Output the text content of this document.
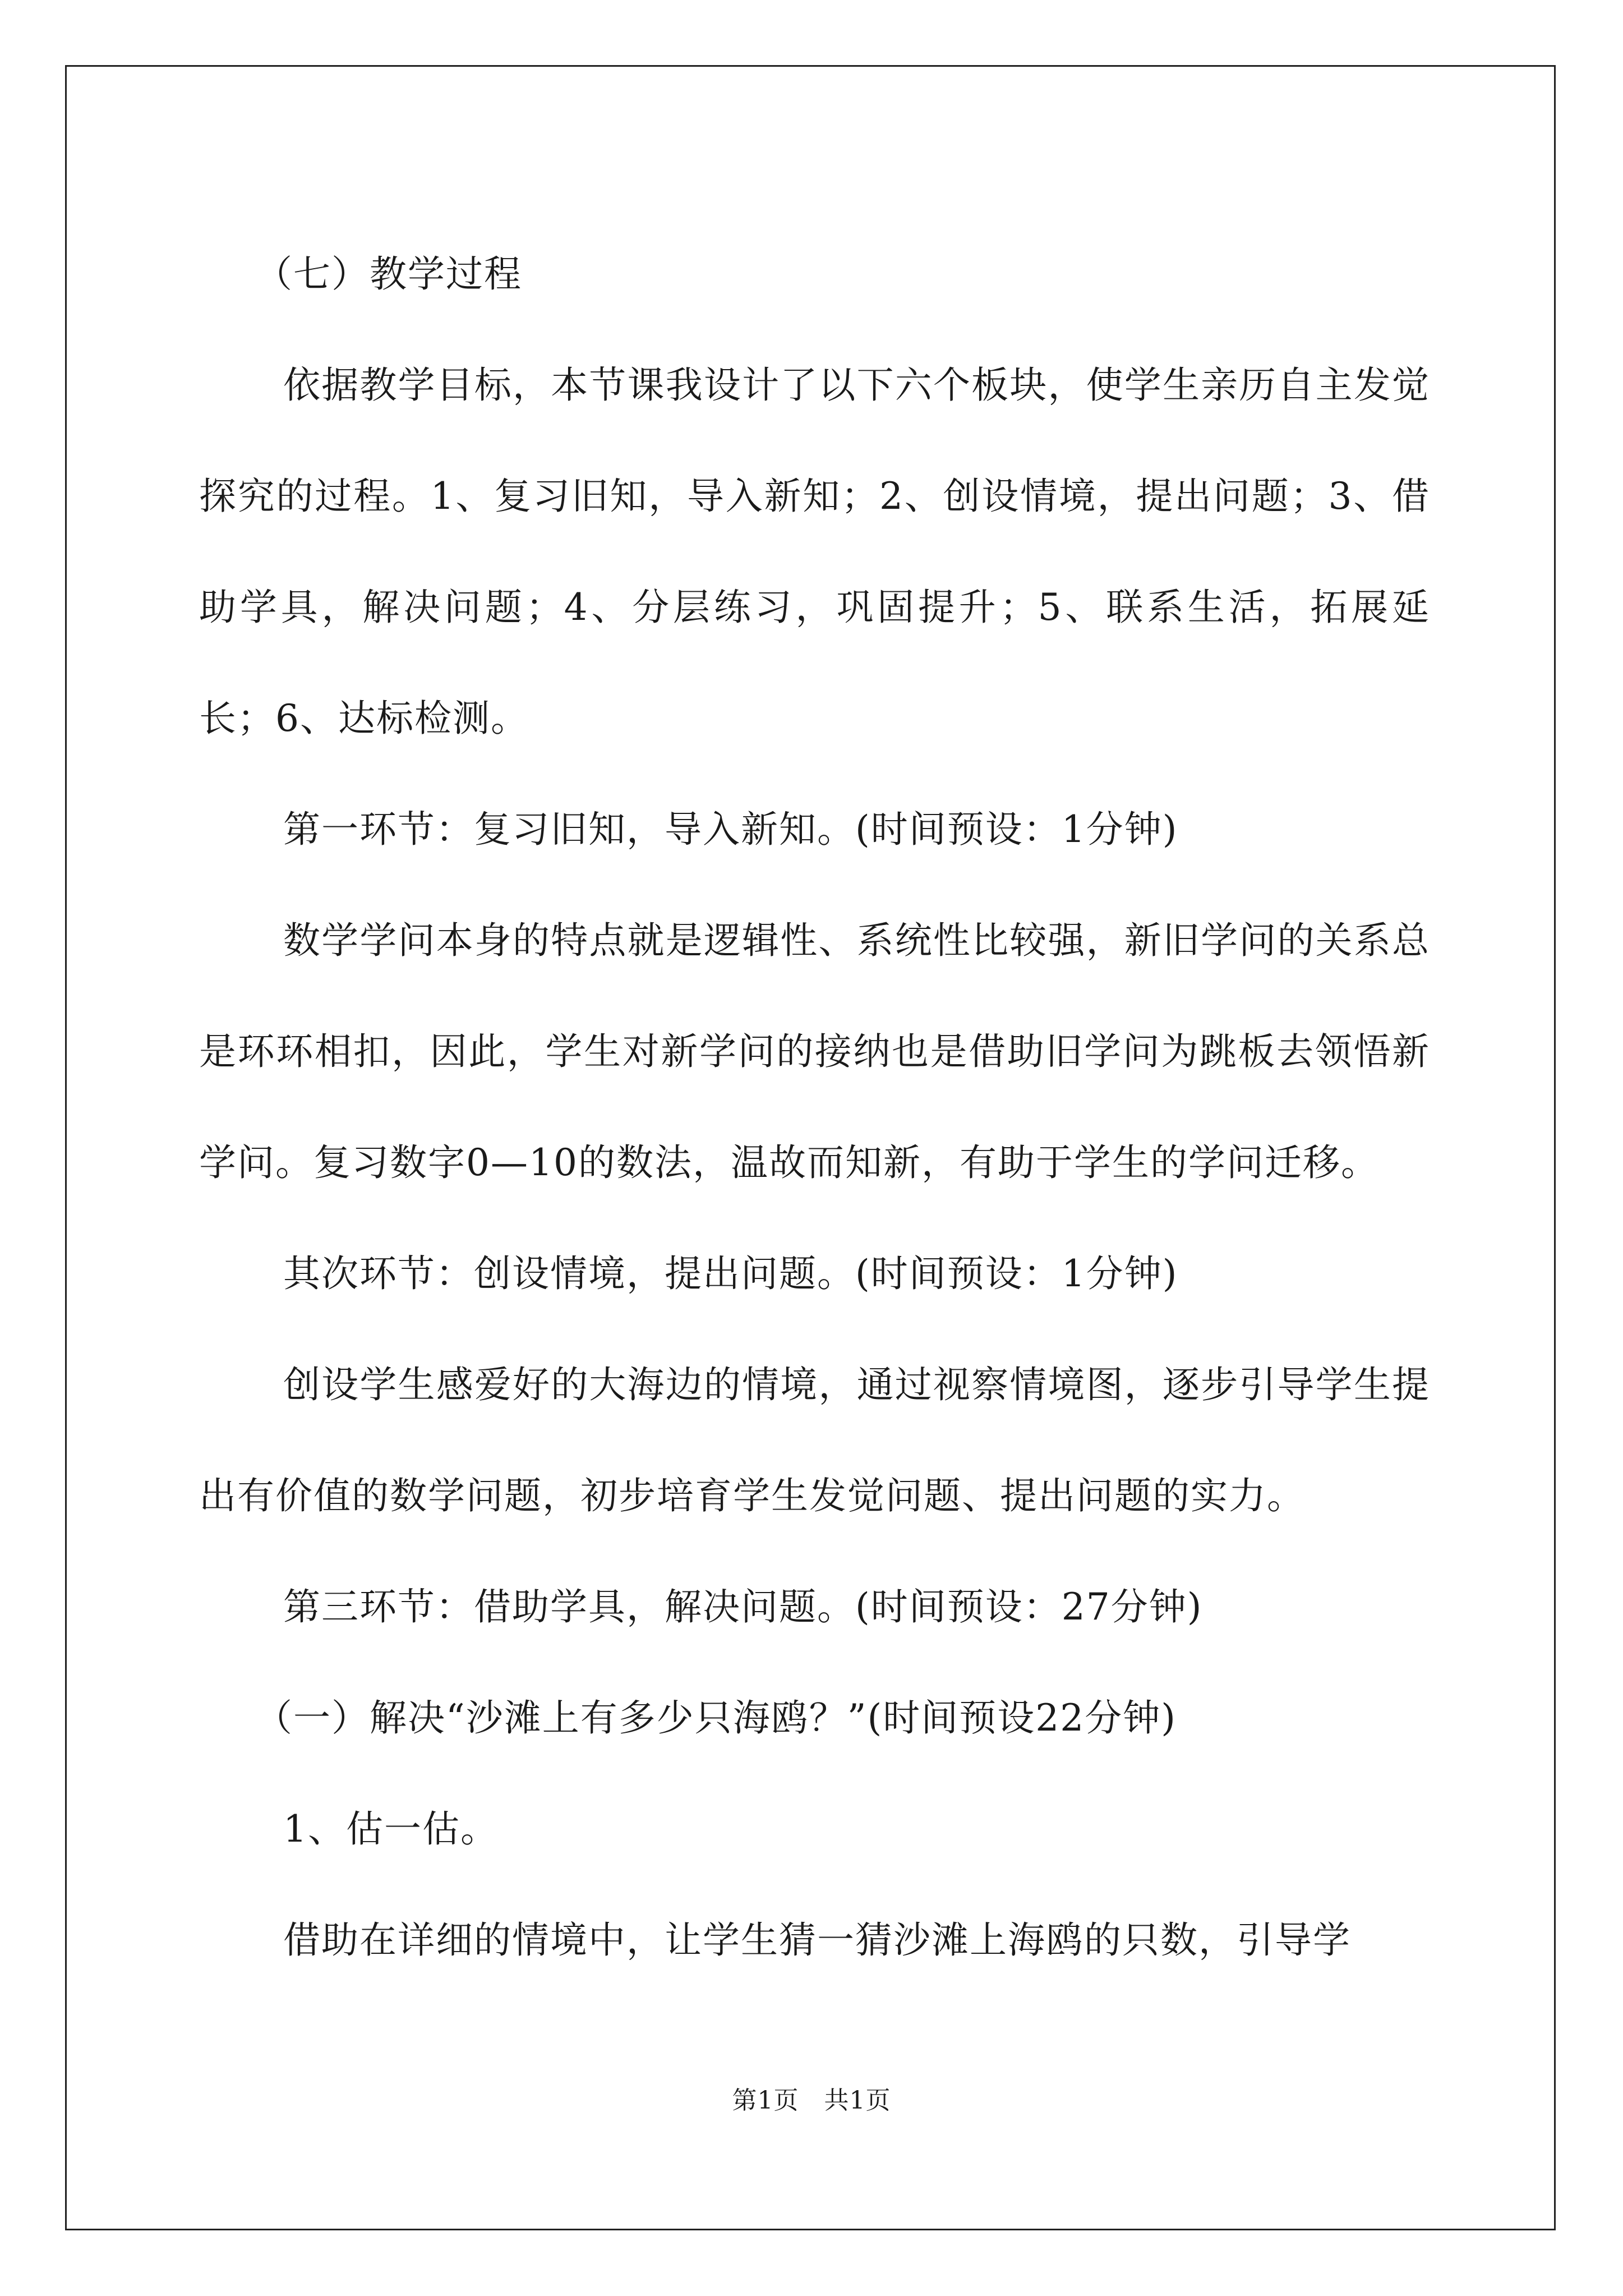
（七）教学过程

依据教学目标，本节课我设计了以下六个板块，使学生亲历自主发觉探究的过程。1、复习旧知，导入新知；2、创设情境，提出问题；3、借助学具，解决问题；4、分层练习，巩固提升；5、联系生活，拓展延长；6、达标检测。

第一环节：复习旧知，导入新知。(时间预设：1分钟)

数学学问本身的特点就是逻辑性、系统性比较强，新旧学问的关系总是环环相扣，因此，学生对新学问的接纳也是借助旧学问为跳板去领悟新学问。复习数字0—10的数法，温故而知新，有助于学生的学问迁移。

其次环节：创设情境，提出问题。(时间预设：1分钟)

创设学生感爱好的大海边的情境，通过视察情境图，逐步引导学生提出有价值的数学问题，初步培育学生发觉问题、提出问题的实力。

第三环节：借助学具，解决问题。(时间预设：27分钟)

（一）解决“沙滩上有多少只海鸥？”(时间预设22分钟)

1、估一估。

借助在详细的情境中，让学生猜一猜沙滩上海鸥的只数，引导学

第1页　共1页
